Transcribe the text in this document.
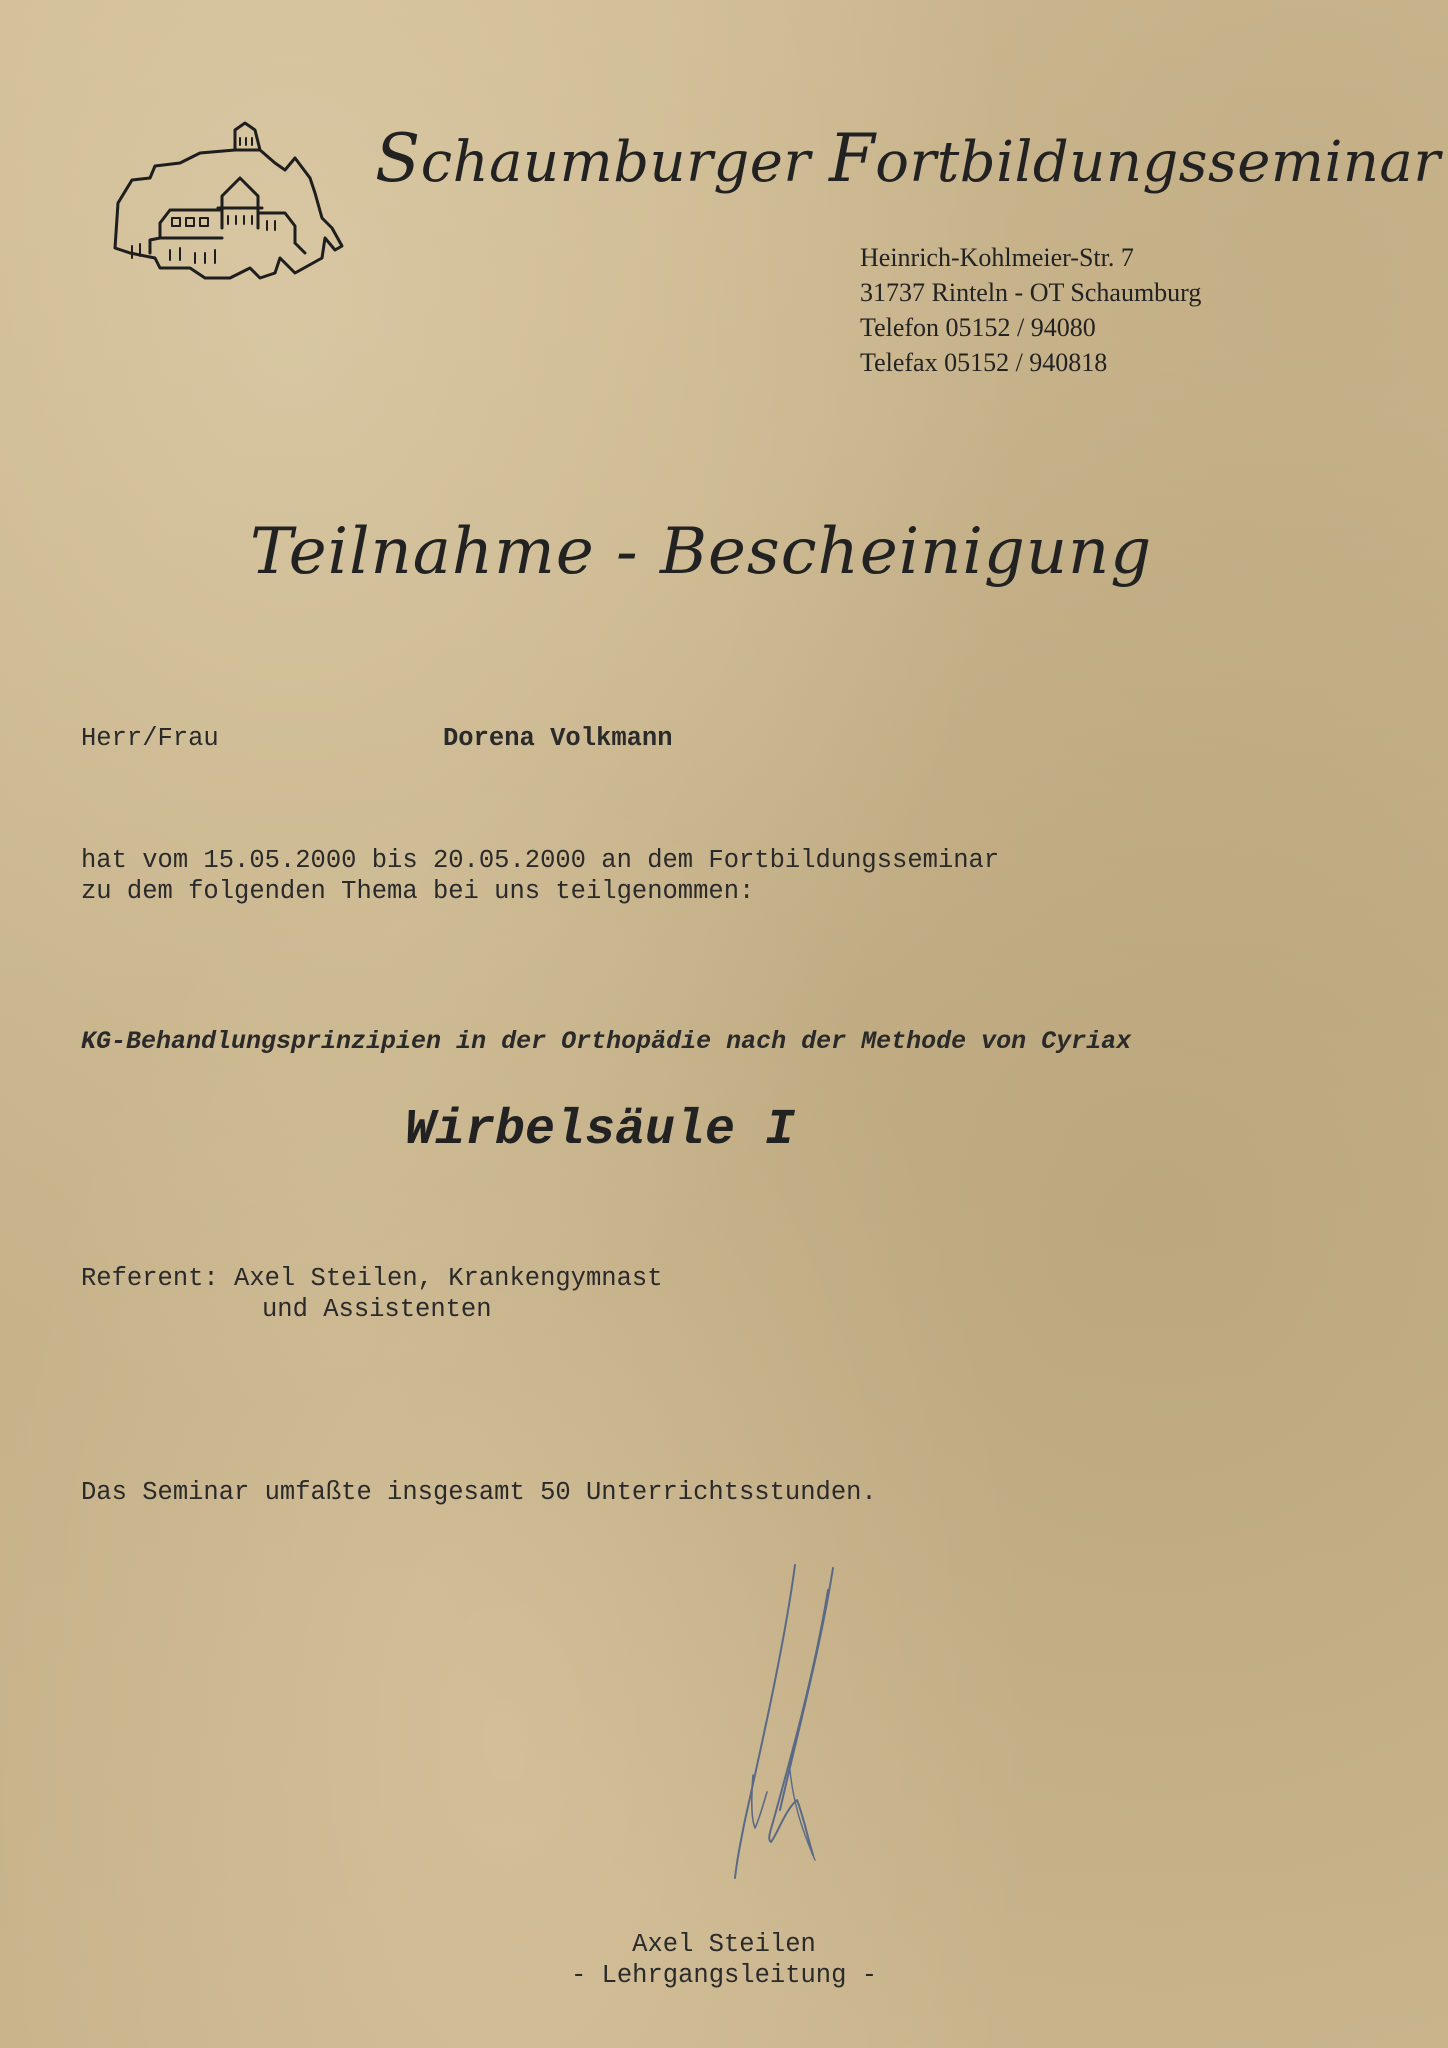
Schaumburger Fortbildungsseminar
Heinrich-Kohlmeier-Str. 7
31737 Rinteln - OT Schaumburg
Telefon 05152 / 94080
Telefax 05152 / 940818
Teilnahme - Bescheinigung
Herr/Frau	Dorena Volkmann
hat vom 15.05.2000 bis 20.05.2000 an dem Fortbildungsseminar
zu dem folgenden Thema bei uns teilgenommen:
KG-Behandlungsprinzipien in der Orthopädie nach der Methode von Cyriax
Wirbelsäule I
Referent: Axel Steilen, Krankengymnast
und Assistenten
Das Seminar umfaßte insgesamt 50 Unterrichtsstunden.
Axel Steilen
- Lehrgangsleitung -
